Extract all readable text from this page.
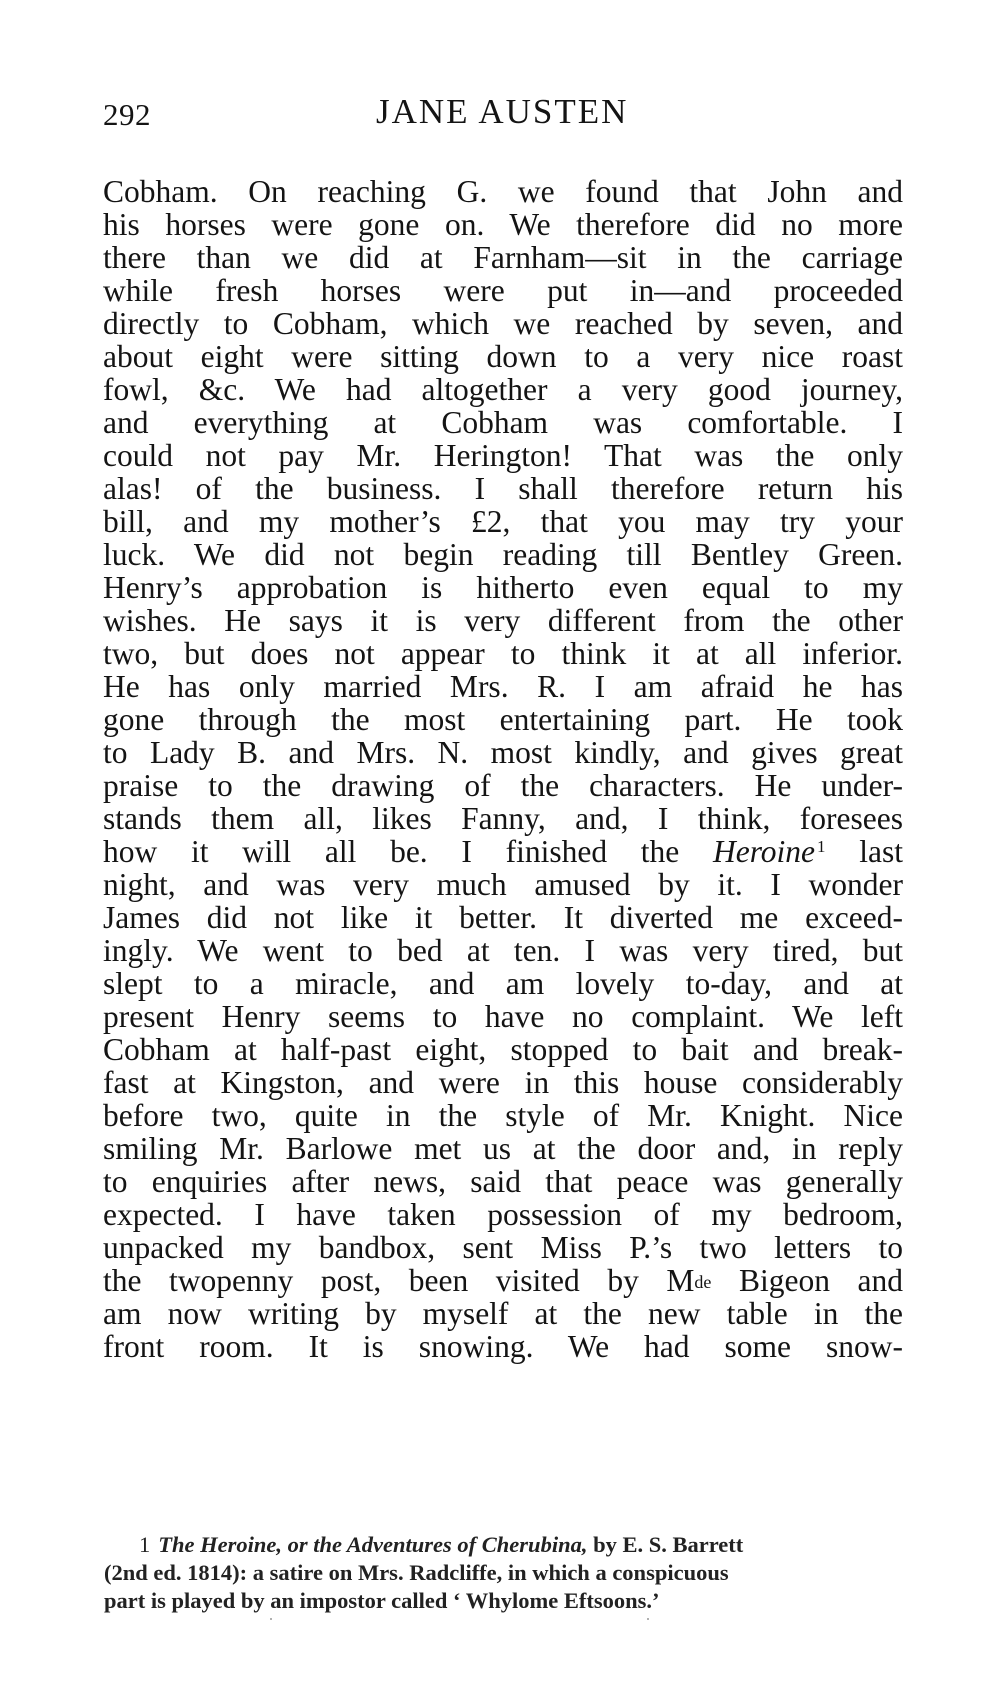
292	JANE AUSTEN
Cobham. On reaching G. we found that John and
his horses were gone on. We therefore did no more
there than we did at Farnham—sit in the carriage
while fresh horses were put in—and proceeded
directly to Cobham, which we reached by seven, and
about eight were sitting down to a very nice roast
fowl, &c. We had altogether a very good journey,
and everything at Cobham was comfortable. I
could not pay Mr. Herington! That was the only
alas! of the business. I shall therefore return his
bill, and my mother’s £2, that you may try your
luck. We did not begin reading till Bentley Green.
Henry’s approbation is hitherto even equal to my
wishes. He says it is very different from the other
two, but does not appear to think it at all inferior.
He has only married Mrs. R. I am afraid he has
gone through the most entertaining part. He took
to Lady B. and Mrs. N. most kindly, and gives great
praise to the drawing of the characters. He under-
stands them all, likes Fanny, and, I think, foresees
how it will all be. I finished the Heroine $^1$ last
night, and was very much amused by it. I wonder
James did not like it better. It diverted me exceed-
ingly. We went to bed at ten. I was very tired, but
slept to a miracle, and am lovely to-day, and at
present Henry seems to have no complaint. We left
Cobham at half-past eight, stopped to bait and break-
fast at Kingston, and were in this house considerably
before two, quite in the style of Mr. Knight. Nice
smiling Mr. Barlowe met us at the door and, in reply
to enquiries after news, said that peace was generally
expected. I have taken possession of my bedroom,
unpacked my bandbox, sent Miss P.’s two letters to
the twopenny post, been visited by Mde Bigeon and
am now writing by myself at the new table in the
front room. It is snowing. We had some snow-
1 The Heroine, or the Adventures of Cherubina, by E. S. Barrett
(2nd ed. 1814): a satire on Mrs. Radcliffe, in which a conspicuous
part is played by an impostor called ‘ Whylome Eftsoons.’
